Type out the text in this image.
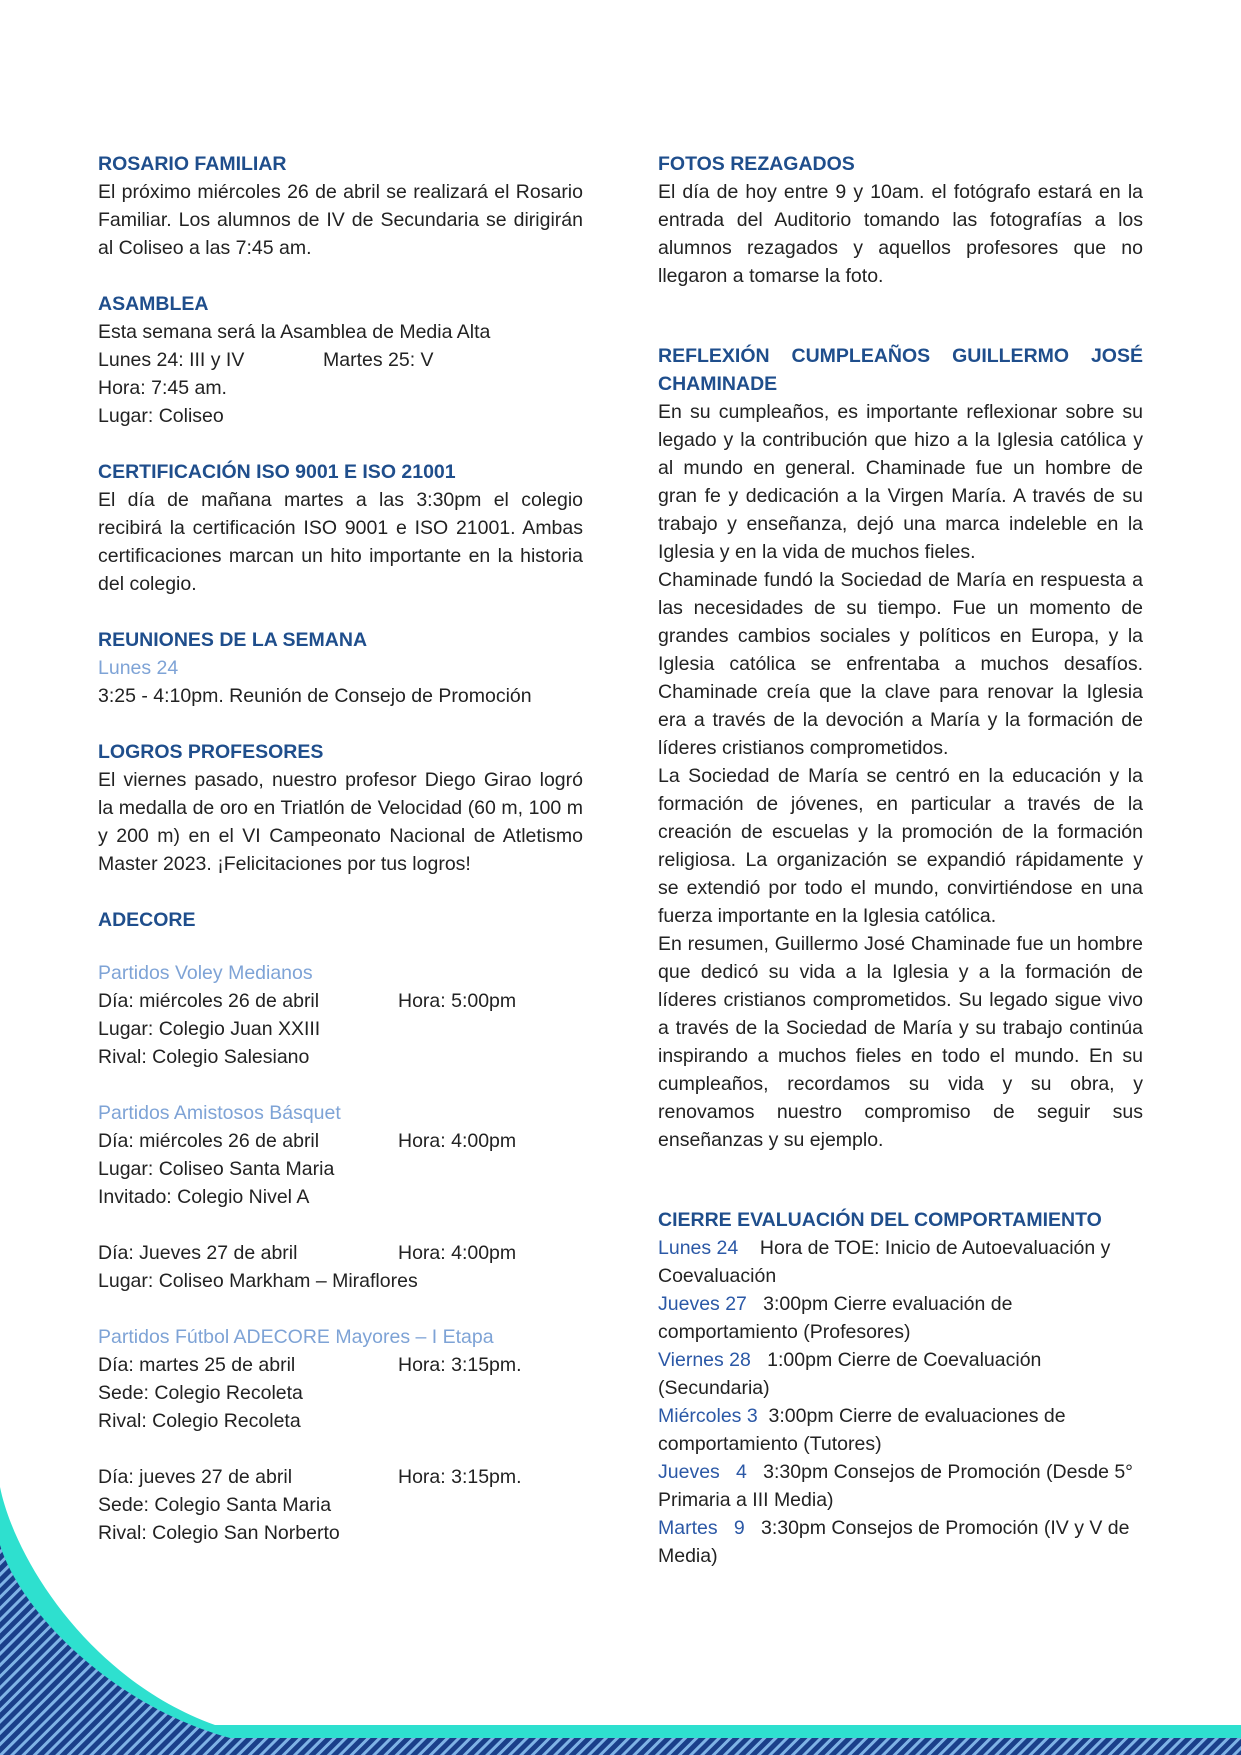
ROSARIO FAMILIAR
El próximo miércoles 26 de abril se realizará el Rosario Familiar. Los alumnos de IV de Secundaria se dirigirán al Coliseo a las 7:45 am.
ASAMBLEA
Esta semana será la Asamblea de Media Alta
Lunes 24: III y IV	Martes 25: V
Hora: 7:45 am.
Lugar: Coliseo
CERTIFICACIÓN ISO 9001 E ISO 21001
El día de mañana martes a las 3:30pm el colegio recibirá la certificación ISO 9001 e ISO 21001. Ambas certificaciones marcan un hito importante en la historia del colegio.
REUNIONES DE LA SEMANA
Lunes 24
3:25 - 4:10pm. Reunión de Consejo de Promoción
LOGROS PROFESORES
El viernes pasado, nuestro profesor Diego Girao logró la medalla de oro en Triatlón de Velocidad (60 m, 100 m y 200 m) en el VI Campeonato Nacional de Atletismo Master 2023. ¡Felicitaciones por tus logros!
ADECORE
Partidos Voley Medianos
Día: miércoles 26 de abril	Hora: 5:00pm
Lugar: Colegio Juan XXIII
Rival: Colegio Salesiano
Partidos Amistosos Básquet
Día: miércoles 26 de abril	Hora: 4:00pm
Lugar: Coliseo Santa Maria
Invitado: Colegio Nivel A
Día: Jueves 27 de abril	Hora: 4:00pm
Lugar: Coliseo Markham – Miraflores
Partidos Fútbol ADECORE Mayores – I Etapa
Día: martes 25 de abril	Hora: 3:15pm.
Sede: Colegio Recoleta
Rival: Colegio Recoleta
Día: jueves 27 de abril	Hora: 3:15pm.
Sede: Colegio Santa Maria
Rival: Colegio San Norberto
FOTOS REZAGADOS
El día de hoy entre 9 y 10am. el fotógrafo estará en la entrada del Auditorio tomando las fotografías a los alumnos rezagados y aquellos profesores que no llegaron a tomarse la foto.
REFLEXIÓN CUMPLEAÑOS GUILLERMO JOSÉ CHAMINADE
En su cumpleaños, es importante reflexionar sobre su legado y la contribución que hizo a la Iglesia católica y al mundo en general. Chaminade fue un hombre de gran fe y dedicación a la Virgen María. A través de su trabajo y enseñanza, dejó una marca indeleble en la Iglesia y en la vida de muchos fieles.
Chaminade fundó la Sociedad de María en respuesta a las necesidades de su tiempo. Fue un momento de grandes cambios sociales y políticos en Europa, y la Iglesia católica se enfrentaba a muchos desafíos. Chaminade creía que la clave para renovar la Iglesia era a través de la devoción a María y la formación de líderes cristianos comprometidos.
La Sociedad de María se centró en la educación y la formación de jóvenes, en particular a través de la creación de escuelas y la promoción de la formación religiosa. La organización se expandió rápidamente y se extendió por todo el mundo, convirtiéndose en una fuerza importante en la Iglesia católica.
En resumen, Guillermo José Chaminade fue un hombre que dedicó su vida a la Iglesia y a la formación de líderes cristianos comprometidos. Su legado sigue vivo a través de la Sociedad de María y su trabajo continúa inspirando a muchos fieles en todo el mundo. En su cumpleaños, recordamos su vida y su obra, y renovamos nuestro compromiso de seguir sus enseñanzas y su ejemplo.
CIERRE EVALUACIÓN DEL COMPORTAMIENTO
Lunes 24 Hora de TOE: Inicio de Autoevaluación y Coevaluación
Jueves 27 3:00pm Cierre evaluación de comportamiento (Profesores)
Viernes 28 1:00pm Cierre de Coevaluación (Secundaria)
Miércoles 3 3:00pm Cierre de evaluaciones de comportamiento (Tutores)
Jueves   4 3:30pm Consejos de Promoción (Desde 5° Primaria a III Media)
Martes   9 3:30pm Consejos de Promoción (IV y V de Media)
